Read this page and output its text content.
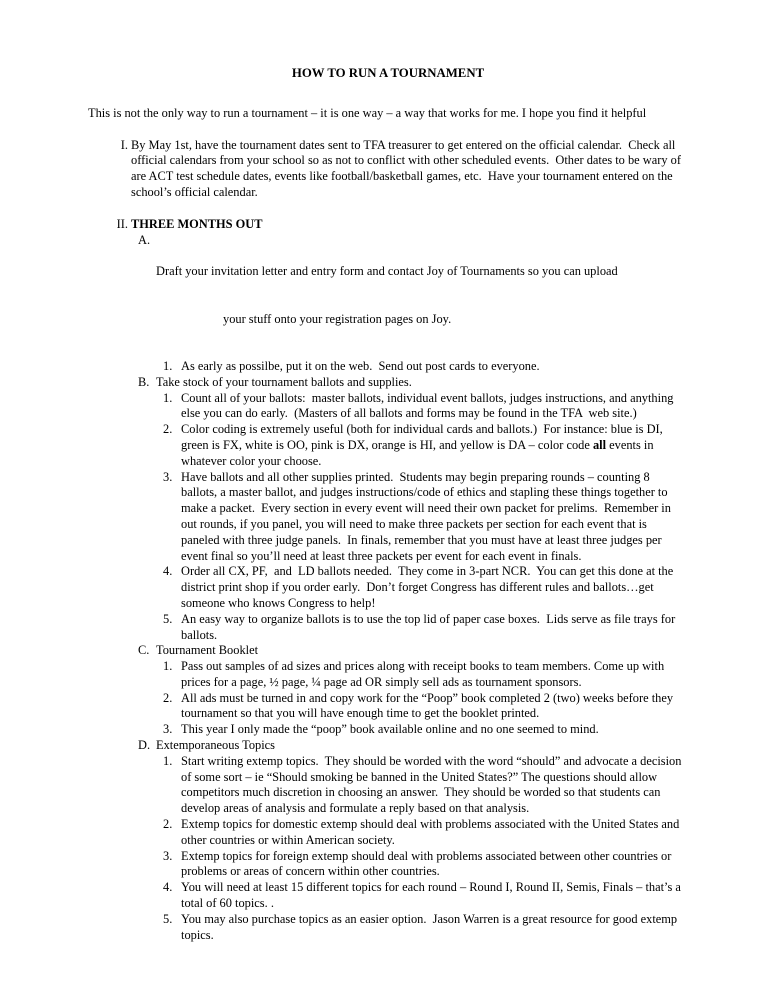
HOW TO RUN A TOURNAMENT
This is not the only way to run a tournament – it is one way – a way that works for me. I hope you find it helpful
I. By May 1st, have the tournament dates sent to TFA treasurer to get entered on the official calendar.  Check all official calendars from your school so as not to conflict with other scheduled events.  Other dates to be wary of are ACT test schedule dates, events like football/basketball games, etc.  Have your tournament entered on the school’s official calendar.
II. THREE MONTHS OUT
A.

Draft your invitation letter and entry form and contact Joy of Tournaments so you can upload

your stuff onto your registration pages on Joy.

1. As early as possilbe, put it on the web.  Send out post cards to everyone.
B. Take stock of your tournament ballots and supplies.
1. Count all of your ballots:  master ballots, individual event ballots, judges instructions, and anything else you can do early.  (Masters of all ballots and forms may be found in the TFA  web site.)
2. Color coding is extremely useful (both for individual cards and ballots.)  For instance: blue is DI, green is FX, white is OO, pink is DX, orange is HI, and yellow is DA – color code all events in whatever color your choose.
3. Have ballots and all other supplies printed.  Students may begin preparing rounds – counting 8 ballots, a master ballot, and judges instructions/code of ethics and stapling these things together to make a packet.  Every section in every event will need their own packet for prelims.  Remember in out rounds, if you panel, you will need to make three packets per section for each event that is paneled with three judge panels.  In finals, remember that you must have at least three judges per event final so you’ll need at least three packets per event for each event in finals.
4. Order all CX, PF,  and  LD ballots needed.  They come in 3-part NCR.  You can get this done at the district print shop if you order early.  Don’t forget Congress has different rules and ballots…get someone who knows Congress to help!
5. An easy way to organize ballots is to use the top lid of paper case boxes.  Lids serve as file trays for ballots.
C. Tournament Booklet
1. Pass out samples of ad sizes and prices along with receipt books to team members. Come up with prices for a page, ½ page, ¼ page ad OR simply sell ads as tournament sponsors.
2. All ads must be turned in and copy work for the “Poop” book completed 2 (two) weeks before they tournament so that you will have enough time to get the booklet printed.
3. This year I only made the “poop” book available online and no one seemed to mind.
D. Extemporaneous Topics
1. Start writing extemp topics.  They should be worded with the word “should” and advocate a decision of some sort – ie “Should smoking be banned in the United States?” The questions should allow competitors much discretion in choosing an answer.  They should be worded so that students can develop areas of analysis and formulate a reply based on that analysis.
2. Extemp topics for domestic extemp should deal with problems associated with the United States and other countries or within American society.
3. Extemp topics for foreign extemp should deal with problems associated between other countries or problems or areas of concern within other countries.
4. You will need at least 15 different topics for each round – Round I, Round II, Semis, Finals – that’s a total of 60 topics. .
5. You may also purchase topics as an easier option.  Jason Warren is a great resource for good extemp topics.
